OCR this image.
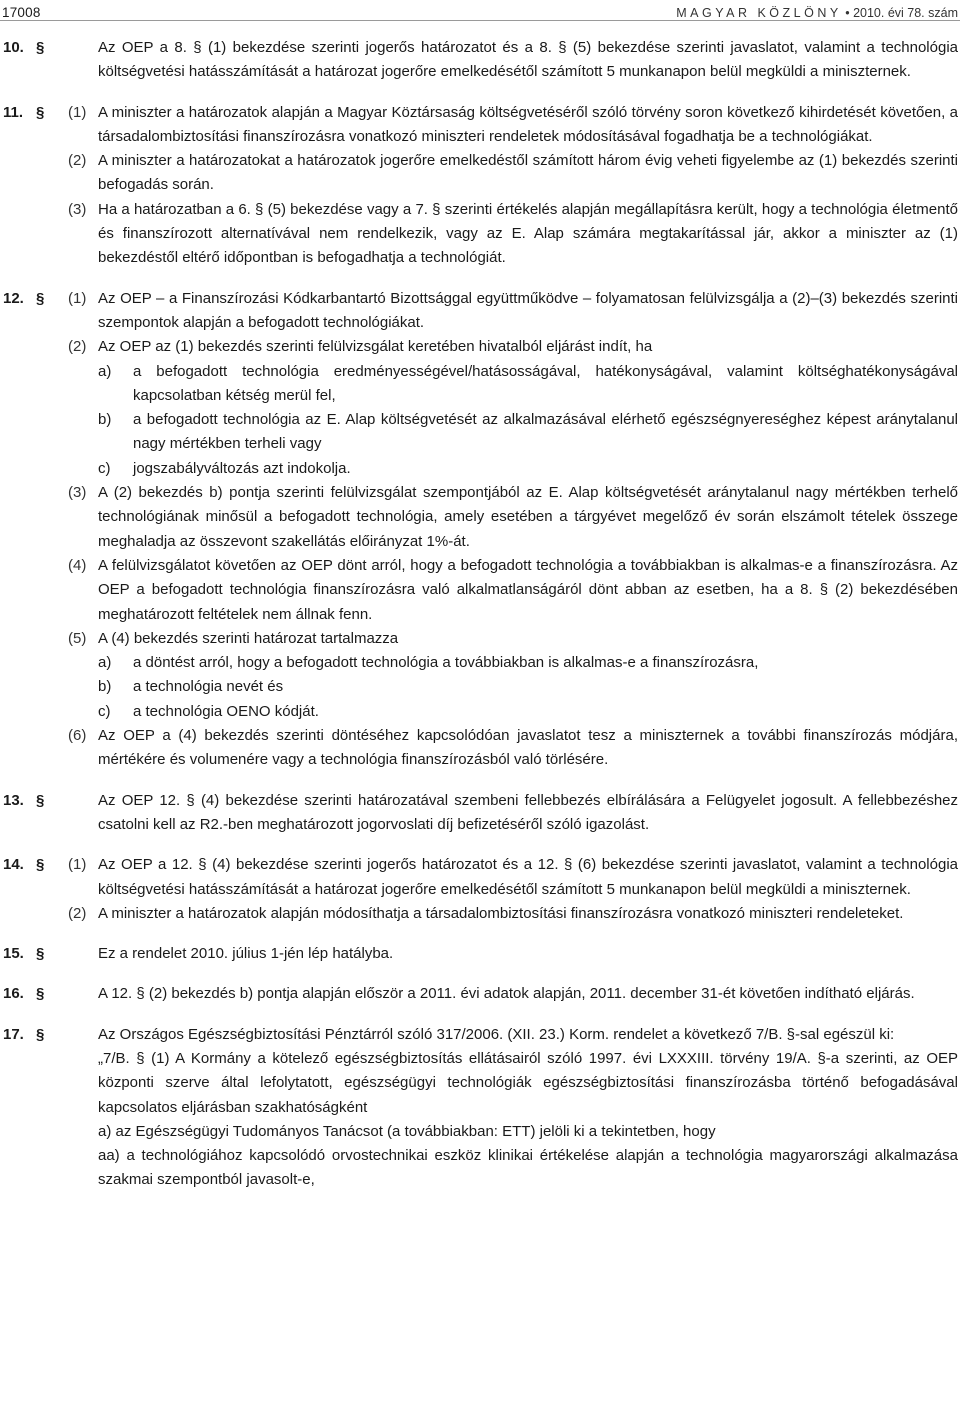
17008	MAGYAR KÖZLÖNY • 2010. évi 78. szám
10. §	Az OEP a 8. § (1) bekezdése szerinti jogerős határozatot és a 8. § (5) bekezdése szerinti javaslatot, valamint a technológia költségvetési hatásszámítását a határozat jogerőre emelkedésétől számított 5 munkanapon belül megküldi a miniszternek.

11. § (1) A miniszter a határozatok alapján a Magyar Köztársaság költségvetéséről szóló törvény soron következő kihirdetését követően, a társadalombiztosítási finanszírozásra vonatkozó miniszteri rendeletek módosításával fogadhatja be a technológiákat.

(2) A miniszter a határozatokat a határozatok jogerőre emelkedéstől számított három évig veheti figyelembe az (1) bekezdés szerinti befogadás során.

(3) Ha a határozatban a 6. § (5) bekezdése vagy a 7. § szerinti értékelés alapján megállapításra került, hogy a technológia életmentő és finanszírozott alternatívával nem rendelkezik, vagy az E. Alap számára megtakarítással jár, akkor a miniszter az (1) bekezdéstől eltérő időpontban is befogadhatja a technológiát.

12. § (1) Az OEP – a Finanszírozási Kódkarbantartó Bizottsággal együttműködve – folyamatosan felülvizsgálja a (2)–(3) bekezdés szerinti szempontok alapján a befogadott technológiákat.

(2) Az OEP az (1) bekezdés szerinti felülvizsgálat keretében hivatalból eljárást indít, ha

a) a befogadott technológia eredményességével/hatásosságával, hatékonyságával, valamint költséghatékonyságával kapcsolatban kétség merül fel,

b) a befogadott technológia az E. Alap költségvetését az alkalmazásával elérhető egészségnyereséghez képest aránytalanul nagy mértékben terheli vagy

c) jogszabályváltozás azt indokolja.

(3) A (2) bekezdés b) pontja szerinti felülvizsgálat szempontjából az E. Alap költségvetését aránytalanul nagy mértékben terhelő technológiának minősül a befogadott technológia, amely esetében a tárgyévet megelőző év során elszámolt tételek összege meghaladja az összevont szakellátás előirányzat 1%-át.

(4) A felülvizsgálatot követően az OEP dönt arról, hogy a befogadott technológia a továbbiakban is alkalmas-e a finanszírozásra. Az OEP a befogadott technológia finanszírozásra való alkalmatlanságáról dönt abban az esetben, ha a 8. § (2) bekezdésében meghatározott feltételek nem állnak fenn.

(5) A (4) bekezdés szerinti határozat tartalmazza

a) a döntést arról, hogy a befogadott technológia a továbbiakban is alkalmas-e a finanszírozásra,

b) a technológia nevét és

c) a technológia OENO kódját.

(6) Az OEP a (4) bekezdés szerinti döntéséhez kapcsolódóan javaslatot tesz a miniszternek a további finanszírozás módjára, mértékére és volumenére vagy a technológia finanszírozásból való törlésére.

13. §	Az OEP 12. § (4) bekezdése szerinti határozatával szembeni fellebbezés elbírálására a Felügyelet jogosult. A fellebbezéshez csatolni kell az R2.-ben meghatározott jogorvoslati díj befizetéséről szóló igazolást.

14. § (1) Az OEP a 12. § (4) bekezdése szerinti jogerős határozatot és a 12. § (6) bekezdése szerinti javaslatot, valamint a technológia költségvetési hatásszámítását a határozat jogerőre emelkedésétől számított 5 munkanapon belül megküldi a miniszternek.

(2) A miniszter a határozatok alapján módosíthatja a társadalombiztosítási finanszírozásra vonatkozó miniszteri rendeleteket.

15. §	Ez a rendelet 2010. július 1-jén lép hatályba.

16. §	A 12. § (2) bekezdés b) pontja alapján először a 2011. évi adatok alapján, 2011. december 31-ét követően indítható eljárás.

17. §	Az Országos Egészségbiztosítási Pénztárról szóló 317/2006. (XII. 23.) Korm. rendelet a következő 7/B. §-sal egészül ki:

„7/B. § (1) A Kormány a kötelező egészségbiztosítás ellátásairól szóló 1997. évi LXXXIII. törvény 19/A. §-a szerinti, az OEP központi szerve által lefolytatott, egészségügyi technológiák egészségbiztosítási finanszírozásba történő befogadásával kapcsolatos eljárásban szakhatóságként

a) az Egészségügyi Tudományos Tanácsot (a továbbiakban: ETT) jelöli ki a tekintetben, hogy

aa) a technológiához kapcsolódó orvostechnikai eszköz klinikai értékelése alapján a technológia magyarországi alkalmazása szakmai szempontból javasolt-e,
